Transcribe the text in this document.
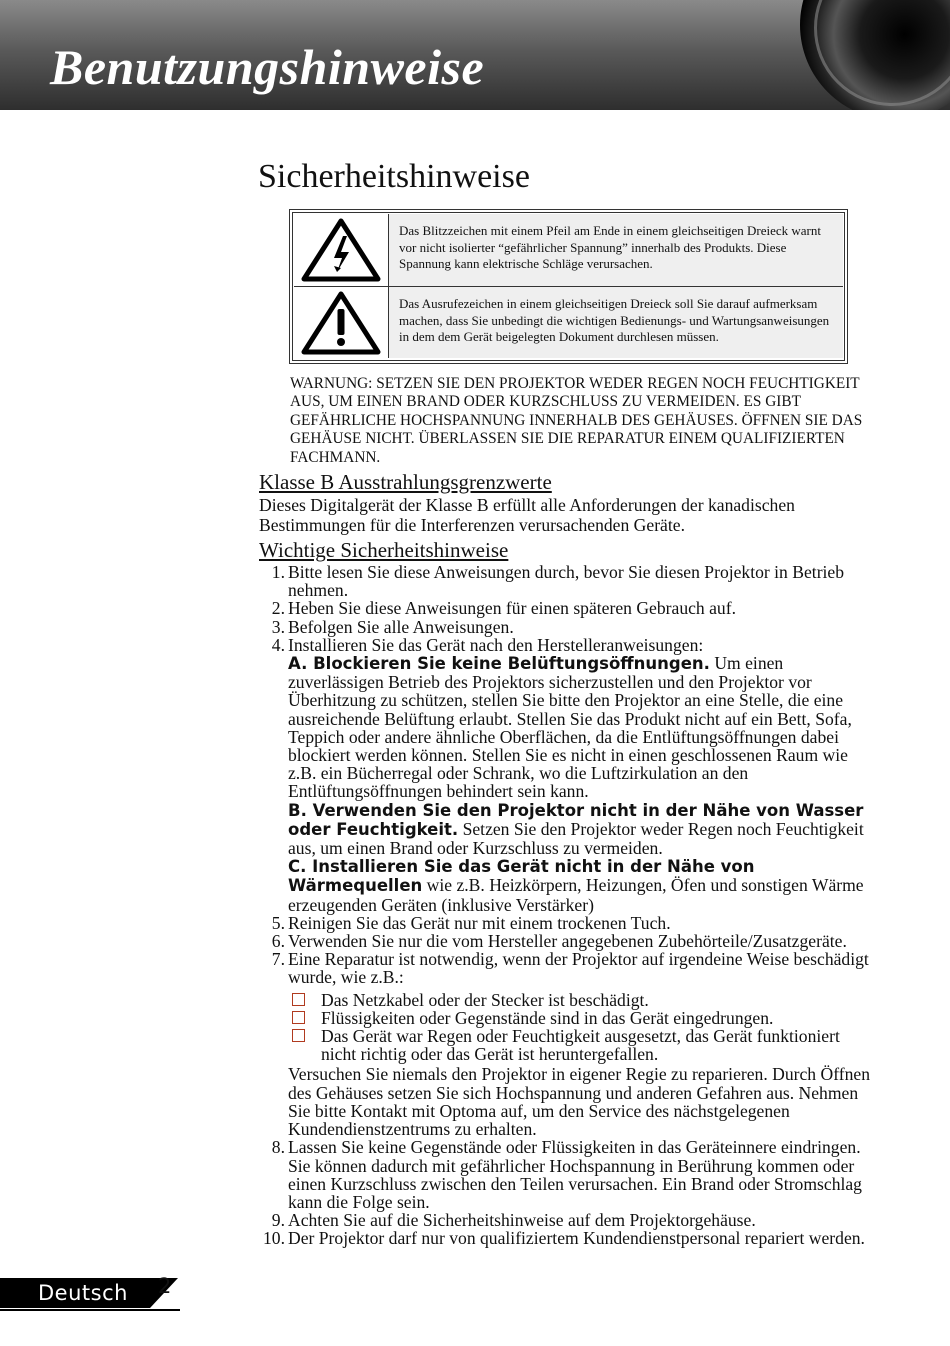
Benutzungshinweise
Sicherheitshinweise
Das Blitzzeichen mit einem Pfeil am Ende in einem gleichseitigen Dreieck warnt vor nicht isolierter “gefährlicher Spannung” innerhalb des Produkts. Diese Spannung kann elektrische Schläge verursachen.
Das Ausrufezeichen in einem gleichseitigen Dreieck soll Sie darauf aufmerksam machen, dass Sie unbedingt die wichtigen Bedienungs- und Wartungsanweisungen in dem dem Gerät beigelegten Dokument durchlesen müssen.
WARNUNG: SETZEN SIE DEN PROJEKTOR WEDER REGEN NOCH FEUCHTIGKEIT AUS, UM EINEN BRAND ODER KURZSCHLUSS ZU VERMEIDEN. ES GIBT GEFÄHRLICHE HOCHSPANNUNG INNERHALB DES GEHÄUSES. ÖFFNEN SIE DAS GEHÄUSE NICHT. ÜBERLASSEN SIE DIE REPARATUR EINEM QUALIFIZIERTEN FACHMANN.
Klasse B Ausstrahlungsgrenzwerte
Dieses Digitalgerät der Klasse B erfüllt alle Anforderungen der kanadischen Bestimmungen für die Interferenzen verursachenden Geräte.
Wichtige Sicherheitshinweise
1. Bitte lesen Sie diese Anweisungen durch, bevor Sie diesen Projektor in Betrieb nehmen.

2. Heben Sie diese Anweisungen für einen späteren Gebrauch auf.

3. Befolgen Sie alle Anweisungen.

4. Installieren Sie das Gerät nach den Herstelleranweisungen:

A. Blockieren Sie keine Belüftungsöffnungen. Um einen zuverlässigen Betrieb des Projektors sicherzustellen und den Projektor vor Überhitzung zu schützen, stellen Sie bitte den Projektor an eine Stelle, die eine ausreichende Belüftung erlaubt. Stellen Sie das Produkt nicht auf ein Bett, Sofa, Teppich oder andere ähnliche Oberflächen, da die Entlüftungsöffnungen dabei blockiert werden können. Stellen Sie es nicht in einen geschlossenen Raum wie z.B. ein Bücherregal oder Schrank, wo die Luftzirkulation an den Entlüftungsöffnungen behindert sein kann.

B. Verwenden Sie den Projektor nicht in der Nähe von Wasser oder Feuchtigkeit. Setzen Sie den Projektor weder Regen noch Feuchtigkeit aus, um einen Brand oder Kurzschluss zu vermeiden.

C. Installieren Sie das Gerät nicht in der Nähe von Wärmequellen wie z.B. Heizkörpern, Heizungen, Öfen und sonstigen Wärme erzeugenden Geräten (inklusive Verstärker)

5. Reinigen Sie das Gerät nur mit einem trockenen Tuch.

6. Verwenden Sie nur die vom Hersteller angegebenen Zubehörteile/Zusatzgeräte.

7. Eine Reparatur ist notwendig, wenn der Projektor auf irgendeine Weise beschädigt wurde, wie z.B.:

Das Netzkabel oder der Stecker ist beschädigt.
Flüssigkeiten oder Gegenstände sind in das Gerät eingedrungen.
Das Gerät war Regen oder Feuchtigkeit ausgesetzt, das Gerät funktioniert nicht richtig oder das Gerät ist heruntergefallen.

Versuchen Sie niemals den Projektor in eigener Regie zu reparieren. Durch Öffnen des Gehäuses setzen Sie sich Hochspannung und anderen Gefahren aus. Nehmen Sie bitte Kontakt mit Optoma auf, um den Service des nächstgelegenen Kundendienstzentrums zu erhalten.

8. Lassen Sie keine Gegenstände oder Flüssigkeiten in das Geräteinnere eindringen. Sie können dadurch mit gefährlicher Hochspannung in Berührung kommen oder einen Kurzschluss zwischen den Teilen verursachen. Ein Brand oder Stromschlag kann die Folge sein.

9. Achten Sie auf die Sicherheitshinweise auf dem Projektorgehäuse.

10. Der Projektor darf nur von qualifiziertem Kundendienstpersonal repariert werden.

Deutsch 2
